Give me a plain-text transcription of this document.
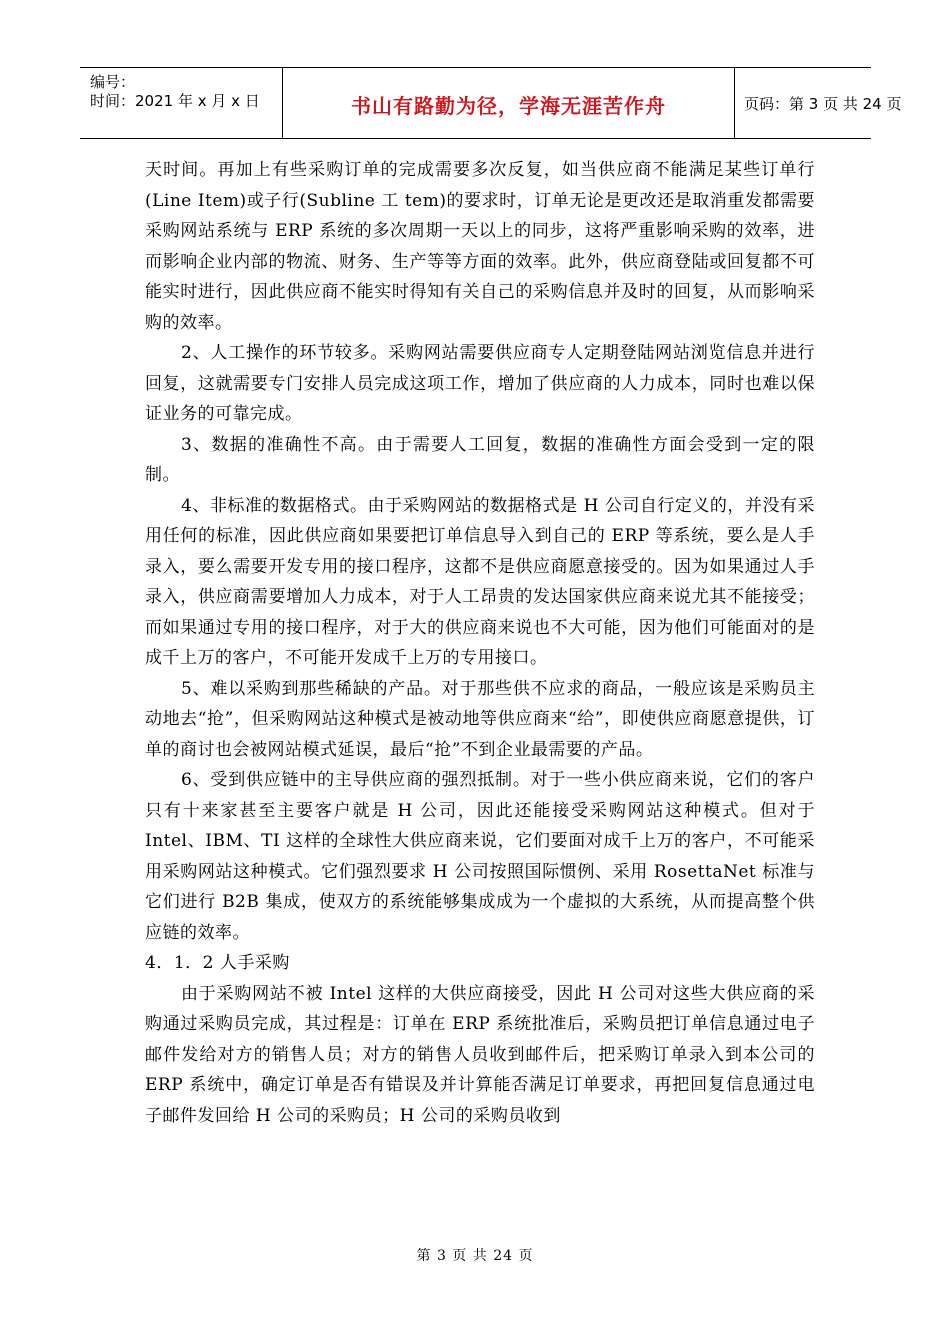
编号：
时间：2021 年 x 月 x 日	书山有路勤为径，学海无涯苦作舟	页码：第 3 页 共 24 页

天时间。再加上有些采购订单的完成需要多次反复，如当供应商不能满足某些订单行(Line Item)或子行(Subline 工 tem)的要求时，订单无论是更改还是取消重发都需要采购网站系统与 ERP 系统的多次周期一天以上的同步，这将严重影响采购的效率，进而影响企业内部的物流、财务、生产等等方面的效率。此外，供应商登陆或回复都不可能实时进行，因此供应商不能实时得知有关自己的采购信息并及时的回复，从而影响采购的效率。

2、人工操作的环节较多。采购网站需要供应商专人定期登陆网站浏览信息并进行回复，这就需要专门安排人员完成这项工作，增加了供应商的人力成本，同时也难以保证业务的可靠完成。

3、数据的准确性不高。由于需要人工回复，数据的准确性方面会受到一定的限制。

4、非标准的数据格式。由于采购网站的数据格式是 H 公司自行定义的，并没有采用任何的标准，因此供应商如果要把订单信息导入到自己的 ERP 等系统，要么是人手录入，要么需要开发专用的接口程序，这都不是供应商愿意接受的。因为如果通过人手录入，供应商需要增加人力成本，对于人工昂贵的发达国家供应商来说尤其不能接受；而如果通过专用的接口程序，对于大的供应商来说也不大可能，因为他们可能面对的是成千上万的客户，不可能开发成千上万的专用接口。

5、难以采购到那些稀缺的产品。对于那些供不应求的商品，一般应该是采购员主动地去“抢”，但采购网站这种模式是被动地等供应商来“给”，即使供应商愿意提供，订单的商讨也会被网站模式延误，最后“抢”不到企业最需要的产品。

6、受到供应链中的主导供应商的强烈抵制。对于一些小供应商来说，它们的客户只有十来家甚至主要客户就是 H 公司，因此还能接受采购网站这种模式。但对于 Intel、IBM、TI 这样的全球性大供应商来说，它们要面对成千上万的客户，不可能采用采购网站这种模式。它们强烈要求 H 公司按照国际惯例、采用 RosettaNet 标准与它们进行 B2B 集成，使双方的系统能够集成成为一个虚拟的大系统，从而提高整个供应链的效率。

4．1．2 人手采购

由于采购网站不被 Intel 这样的大供应商接受，因此 H 公司对这些大供应商的采购通过采购员完成，其过程是：订单在 ERP 系统批准后，采购员把订单信息通过电子邮件发给对方的销售人员；对方的销售人员收到邮件后，把采购订单录入到本公司的 ERP 系统中，确定订单是否有错误及并计算能否满足订单要求，再把回复信息通过电子邮件发回给 H 公司的采购员；H 公司的采购员收到

第 3 页 共 24 页
